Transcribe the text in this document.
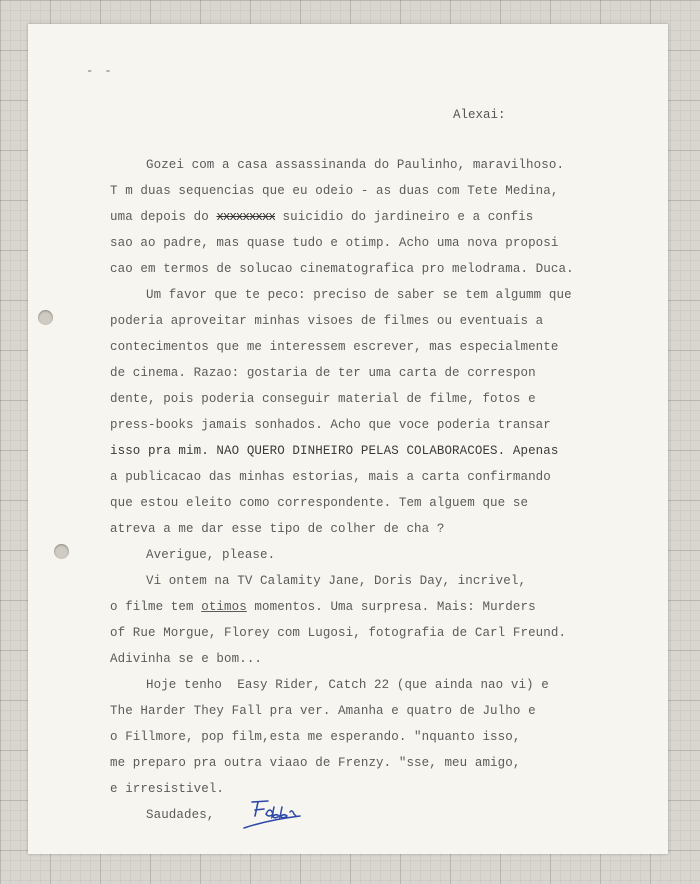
- -
Alexai:
Gozei com a casa assassinanda do Paulinho, maravilhoso.
T m duas sequencias que eu odeio - as duas com Tete Medina,
uma depois do xxxxxxxxx suicidio do jardineiro e a confis
sao ao padre, mas quase tudo e otimp. Acho uma nova proposi
cao em termos de solucao cinematografica pro melodrama. Duca.
Um favor que te peco: preciso de saber se tem algumm que
poderia aproveitar minhas visoes de filmes ou eventuais a
contecimentos que me interessem escrever, mas especialmente
de cinema. Razao: gostaria de ter uma carta de correspon
dente, pois poderia conseguir material de filme, fotos e
press-books jamais sonhados. Acho que voce poderia transar
isso pra mim. NAO QUERO DINHEIRO PELAS COLABORACOES. Apenas
a publicacao das minhas estorias, mais a carta confirmando
que estou eleito como correspondente. Tem alguem que se
atreva a me dar esse tipo de colher de cha ?
Averigue, please.
Vi ontem na TV Calamity Jane, Doris Day, incrivel,
o filme tem otimos momentos. Uma surpresa. Mais: Murders
of Rue Morgue, Florey com Lugosi, fotografia de Carl Freund.
Adivinha se e bom...
Hoje tenho  Easy Rider, Catch 22 (que ainda nao vi) e
The Harder They Fall pra ver. Amanha e quatro de Julho e
o Fillmore, pop film,esta me esperando. "nquanto isso,
me preparo pra outra viaao de Frenzy. "sse, meu amigo,
e irresistivel.
Saudades,
